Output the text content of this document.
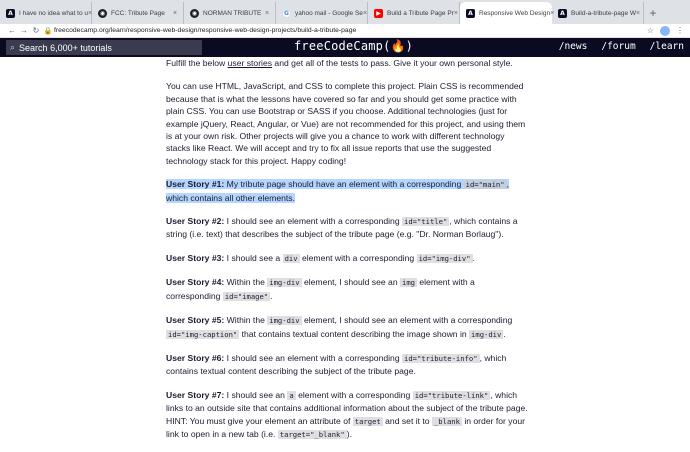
A I have no idea what to u ×	◉ FCC: Tribute Page	×	◉ NORMAN TRIBUTE ×	G yahoo mail - Google Se ×	▶ Build a Tribute Page Pr ×	A Responsive Web Design ×	A Build-a-tribute-page W × +
← → ↻ 🔒 freecodecamp.org/learn/responsive-web-design/responsive-web-design-projects/build-a-tribute-page	☆	⋮
⌕ Search 6,000+ tutorials	freeCodeCamp(🔥)	/news /forum /learn

Fulfill the below user stories and get all of the tests to pass. Give it your own personal style.

You can use HTML, JavaScript, and CSS to complete this project. Plain CSS is recommended because that is what the lessons have covered so far and you should get some practice with plain CSS. You can use Bootstrap or SASS if you choose. Additional technologies (just for example jQuery, React, Angular, or Vue) are not recommended for this project, and using them is at your own risk. Other projects will give you a chance to work with different technology stacks like React. We will accept and try to fix all issue reports that use the suggested technology stack for this project. Happy coding!

User Story #1: My tribute page should have an element with a corresponding id="main" , which contains all other elements.

User Story #2: I should see an element with a corresponding id="title" , which contains a string (i.e. text) that describes the subject of the tribute page (e.g. "Dr. Norman Borlaug").

User Story #3: I should see a div element with a corresponding id="img-div" .

User Story #4: Within the img-div element, I should see an img element with a corresponding id="image" .

User Story #5: Within the img-div element, I should see an element with a corresponding id="img-caption" that contains textual content describing the image shown in img-div .

User Story #6: I should see an element with a corresponding id="tribute-info" , which contains textual content describing the subject of the tribute page.

User Story #7: I should see an a element with a corresponding id="tribute-link" , which links to an outside site that contains additional information about the subject of the tribute page. HINT: You must give your element an attribute of target and set it to _blank in order for your link to open in a new tab (i.e. target="_blank" ).
